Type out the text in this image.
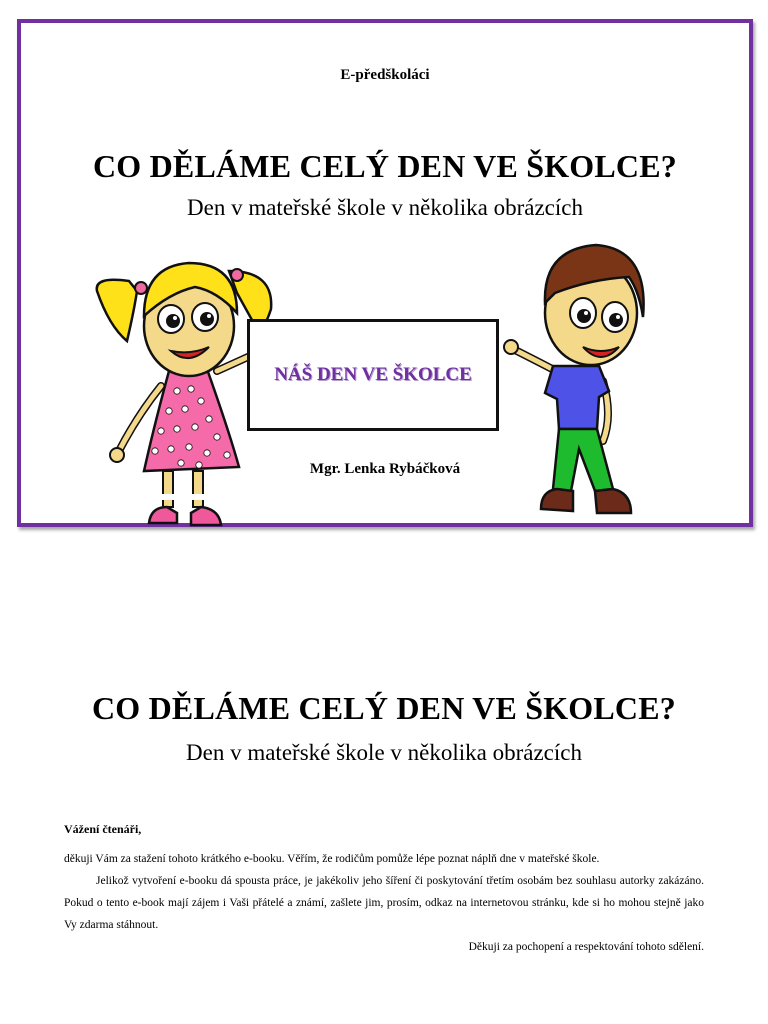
E-předškoláci
CO DĚLÁME CELÝ DEN VE ŠKOLCE?
Den v mateřské škole v několika obrázcích
NÁŠ DEN VE ŠKOLCE
Mgr. Lenka Rybáčková
CO DĚLÁME CELÝ DEN VE ŠKOLCE?
Den v mateřské škole v několika obrázcích
Vážení čtenáři,

děkuji Vám za stažení tohoto krátkého e-booku. Věřím, že rodičům pomůže lépe poznat náplň dne v mateřské škole.

Jelikož vytvoření e-booku dá spousta práce, je jakékoliv jeho šíření či poskytování třetím osobám bez souhlasu autorky zakázáno. Pokud o tento e-book mají zájem i Vaši přátelé a známí, zašlete jim, prosím, odkaz na internetovou stránku, kde si ho mohou stejně jako Vy zdarma stáhnout.

Děkuji za pochopení a respektování tohoto sdělení.
